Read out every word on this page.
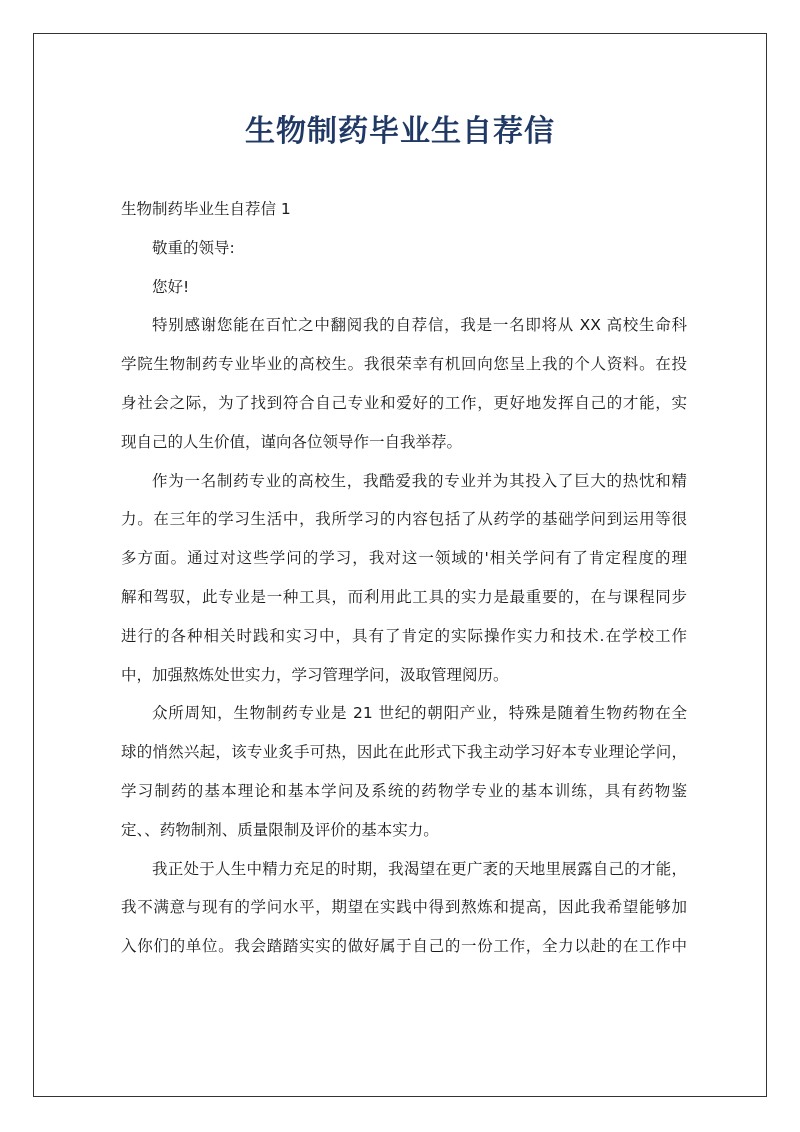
生物制药毕业生自荐信

生物制药毕业生自荐信 1

敬重的领导:

您好!

特别感谢您能在百忙之中翻阅我的自荐信，我是一名即将从 XX 高校生命科

学院生物制药专业毕业的高校生。我很荣幸有机回向您呈上我的个人资料。在投

身社会之际，为了找到符合自己专业和爱好的工作，更好地发挥自己的才能，实

现自己的人生价值，谨向各位领导作一自我举荐。

作为一名制药专业的高校生，我酷爱我的专业并为其投入了巨大的热忱和精

力。在三年的学习生活中，我所学习的内容包括了从药学的基础学问到运用等很

多方面。通过对这些学问的学习，我对这一领域的'相关学问有了肯定程度的理

解和驾驭，此专业是一种工具，而利用此工具的实力是最重要的，在与课程同步

进行的各种相关时践和实习中，具有了肯定的实际操作实力和技术.在学校工作

中，加强熬炼处世实力，学习管理学问，汲取管理阅历。

众所周知，生物制药专业是 21 世纪的朝阳产业，特殊是随着生物药物在全

球的悄然兴起，该专业炙手可热，因此在此形式下我主动学习好本专业理论学问，

学习制药的基本理论和基本学问及系统的药物学专业的基本训练，具有药物鉴

定、、药物制剂、质量限制及评价的基本实力。

我正处于人生中精力充足的时期，我渴望在更广袤的天地里展露自己的才能，

我不满意与现有的学问水平，期望在实践中得到熬炼和提高，因此我希望能够加

入你们的单位。我会踏踏实实的做好属于自己的一份工作，全力以赴的在工作中
